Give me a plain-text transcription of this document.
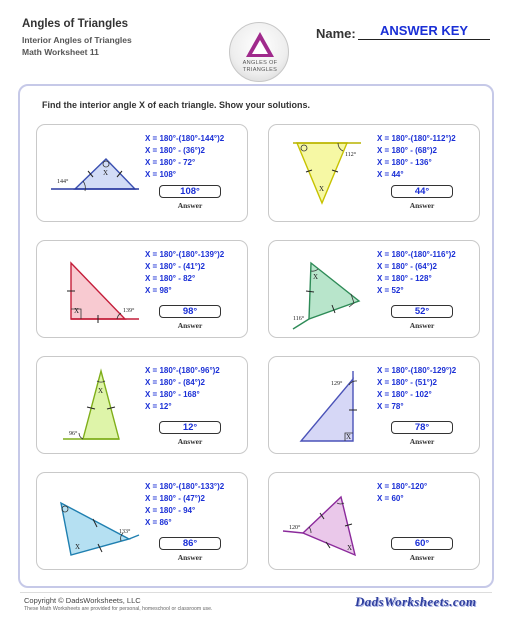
Angles of Triangles
Interior Angles of Triangles
Math Worksheet 11
ANGLES OF
TRIANGLES
Name:	ANSWER KEY
Find the interior angle X of each triangle. Show your solutions.
144°
X
X = 180°-(180°-144°)2
X = 180° - (36°)2
X = 180° - 72°
X = 108°
108°
Answer
112°
X
X = 180°-(180°-112°)2
X = 180° - (68°)2
X = 180° - 136°
X = 44°
44°
Answer
139°
X
X = 180°-(180°-139°)2
X = 180° - (41°)2
X = 180° - 82°
X = 98°
98°
Answer
116°
X
X = 180°-(180°-116°)2
X = 180° - (64°)2
X = 180° - 128°
X = 52°
52°
Answer
96°
X
X = 180°-(180°-96°)2
X = 180° - (84°)2
X = 180° - 168°
X = 12°
12°
Answer
129°
X
X = 180°-(180°-129°)2
X = 180° - (51°)2
X = 180° - 102°
X = 78°
78°
Answer
133°
X
X = 180°-(180°-133°)2
X = 180° - (47°)2
X = 180° - 94°
X = 86°
86°
Answer
120°
X
X = 180°-120°
X = 60°
60°
Answer
Copyright © DadsWorksheets, LLC
These Math Worksheets are provided for personal, homeschool or classroom use.	DadsWorksheets.com
